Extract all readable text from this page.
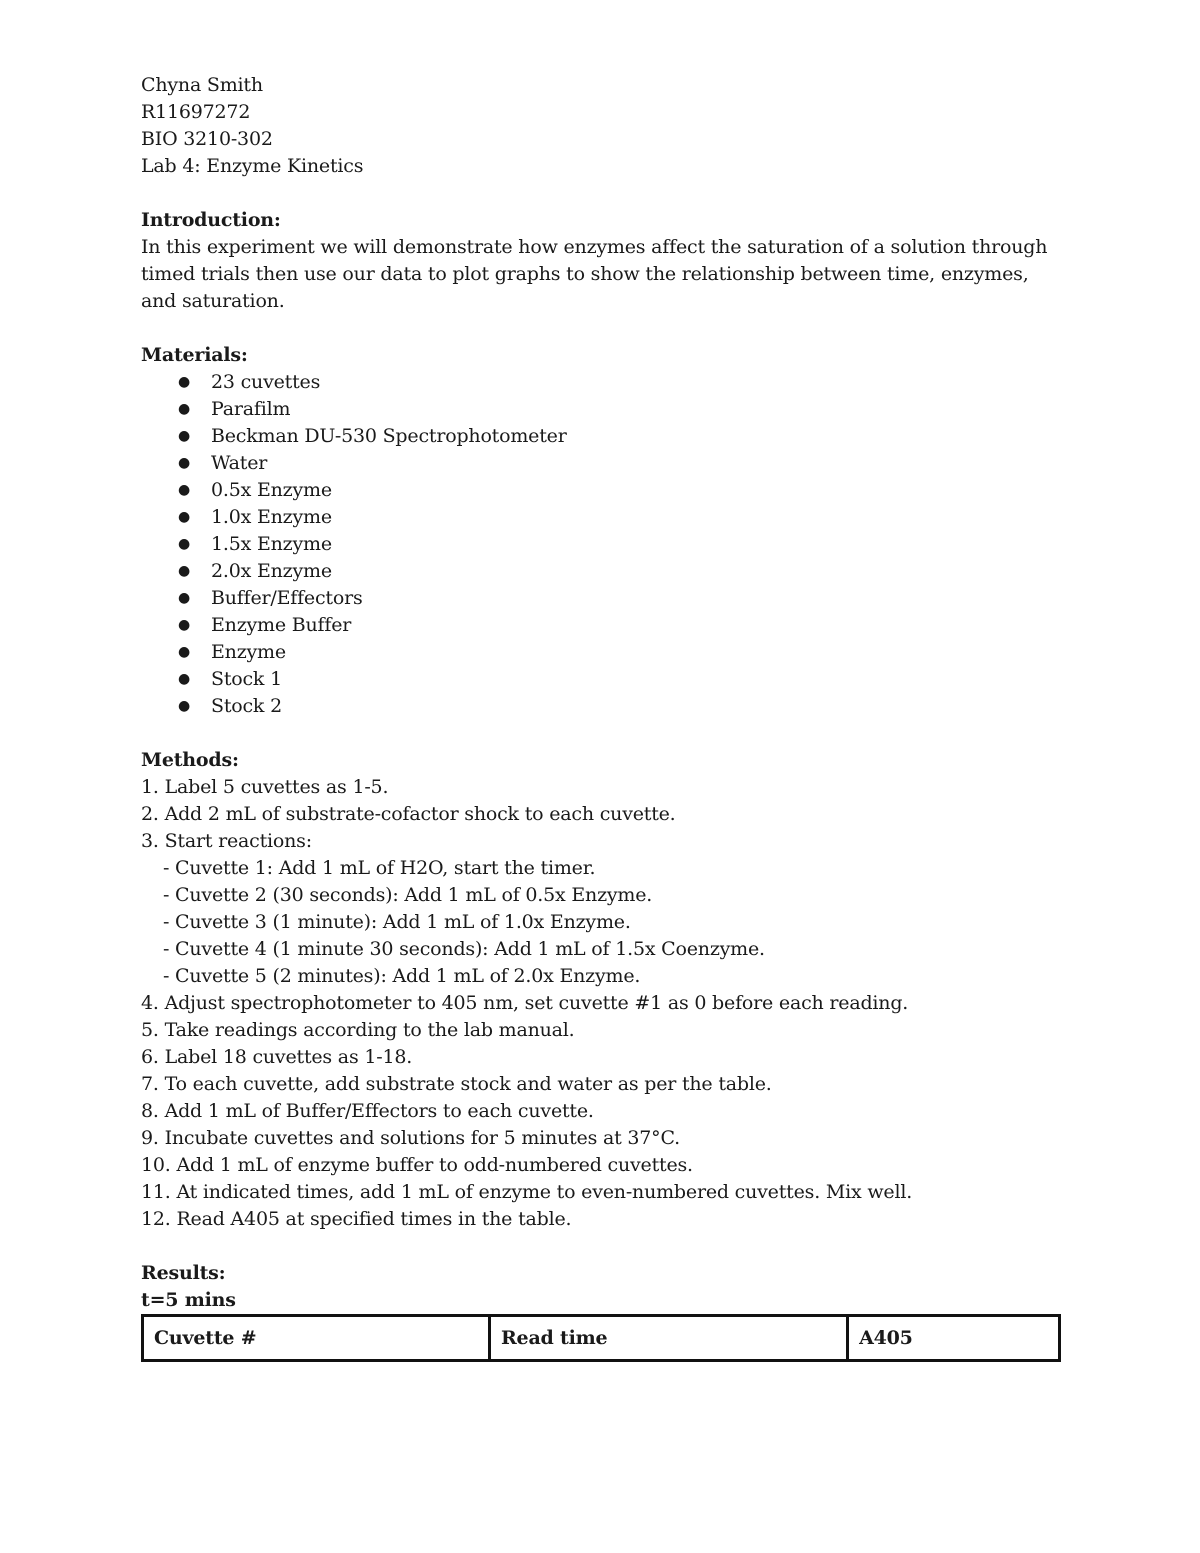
Chyna Smith
R11697272
BIO 3210-302
Lab 4: Enzyme Kinetics
Introduction:
In this experiment we will demonstrate how enzymes affect the saturation of a solution through timed trials then use our data to plot graphs to show the relationship between time, enzymes, and saturation.
Materials:
● 23 cuvettes
● Parafilm
● Beckman DU-530 Spectrophotometer
● Water
● 0.5x Enzyme
● 1.0x Enzyme
● 1.5x Enzyme
● 2.0x Enzyme
● Buffer/Effectors
● Enzyme Buffer
● Enzyme
● Stock 1
● Stock 2
Methods:
1. Label 5 cuvettes as 1-5.
2. Add 2 mL of substrate-cofactor shock to each cuvette.
3. Start reactions:
- Cuvette 1: Add 1 mL of H2O, start the timer.
- Cuvette 2 (30 seconds): Add 1 mL of 0.5x Enzyme.
- Cuvette 3 (1 minute): Add 1 mL of 1.0x Enzyme.
- Cuvette 4 (1 minute 30 seconds): Add 1 mL of 1.5x Coenzyme.
- Cuvette 5 (2 minutes): Add 1 mL of 2.0x Enzyme.
4. Adjust spectrophotometer to 405 nm, set cuvette #1 as 0 before each reading.
5. Take readings according to the lab manual.
6. Label 18 cuvettes as 1-18.
7. To each cuvette, add substrate stock and water as per the table.
8. Add 1 mL of Buffer/Effectors to each cuvette.
9. Incubate cuvettes and solutions for 5 minutes at 37°C.
10. Add 1 mL of enzyme buffer to odd-numbered cuvettes.
11. At indicated times, add 1 mL of enzyme to even-numbered cuvettes. Mix well.
12. Read A405 at specified times in the table.
Results:
t=5 mins
Cuvette #	Read time	A405
